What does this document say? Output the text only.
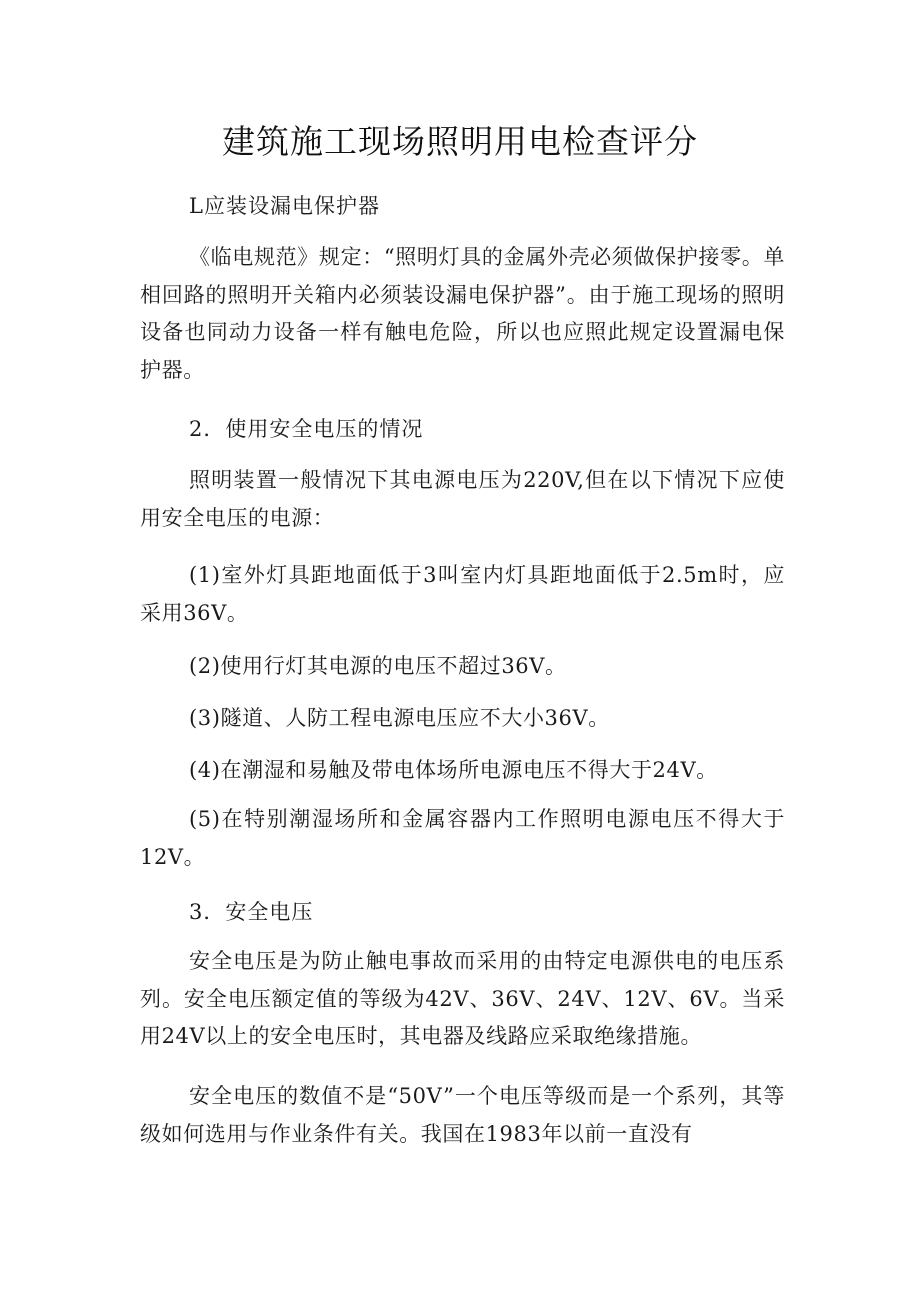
建筑施工现场照明用电检查评分

L应装设漏电保护器

《临电规范》规定：“照明灯具的金属外壳必须做保护接零。单相回路的照明开关箱内必须装设漏电保护器”。由于施工现场的照明设备也同动力设备一样有触电危险，所以也应照此规定设置漏电保护器。

2．使用安全电压的情况

照明装置一般情况下其电源电压为220V,但在以下情况下应使用安全电压的电源：

(1)室外灯具距地面低于3叫室内灯具距地面低于2.5m时，应采用36V。

(2)使用行灯其电源的电压不超过36V。

(3)隧道、人防工程电源电压应不大小36V。

(4)在潮湿和易触及带电体场所电源电压不得大于24V。

(5)在特别潮湿场所和金属容器内工作照明电源电压不得大于12V。

3．安全电压

安全电压是为防止触电事故而采用的由特定电源供电的电压系列。安全电压额定值的等级为42V、36V、24V、12V、6V。当采用24V以上的安全电压时，其电器及线路应采取绝缘措施。

安全电压的数值不是“50V”一个电压等级而是一个系列，其等级如何选用与作业条件有关。我国在1983年以前一直没有
